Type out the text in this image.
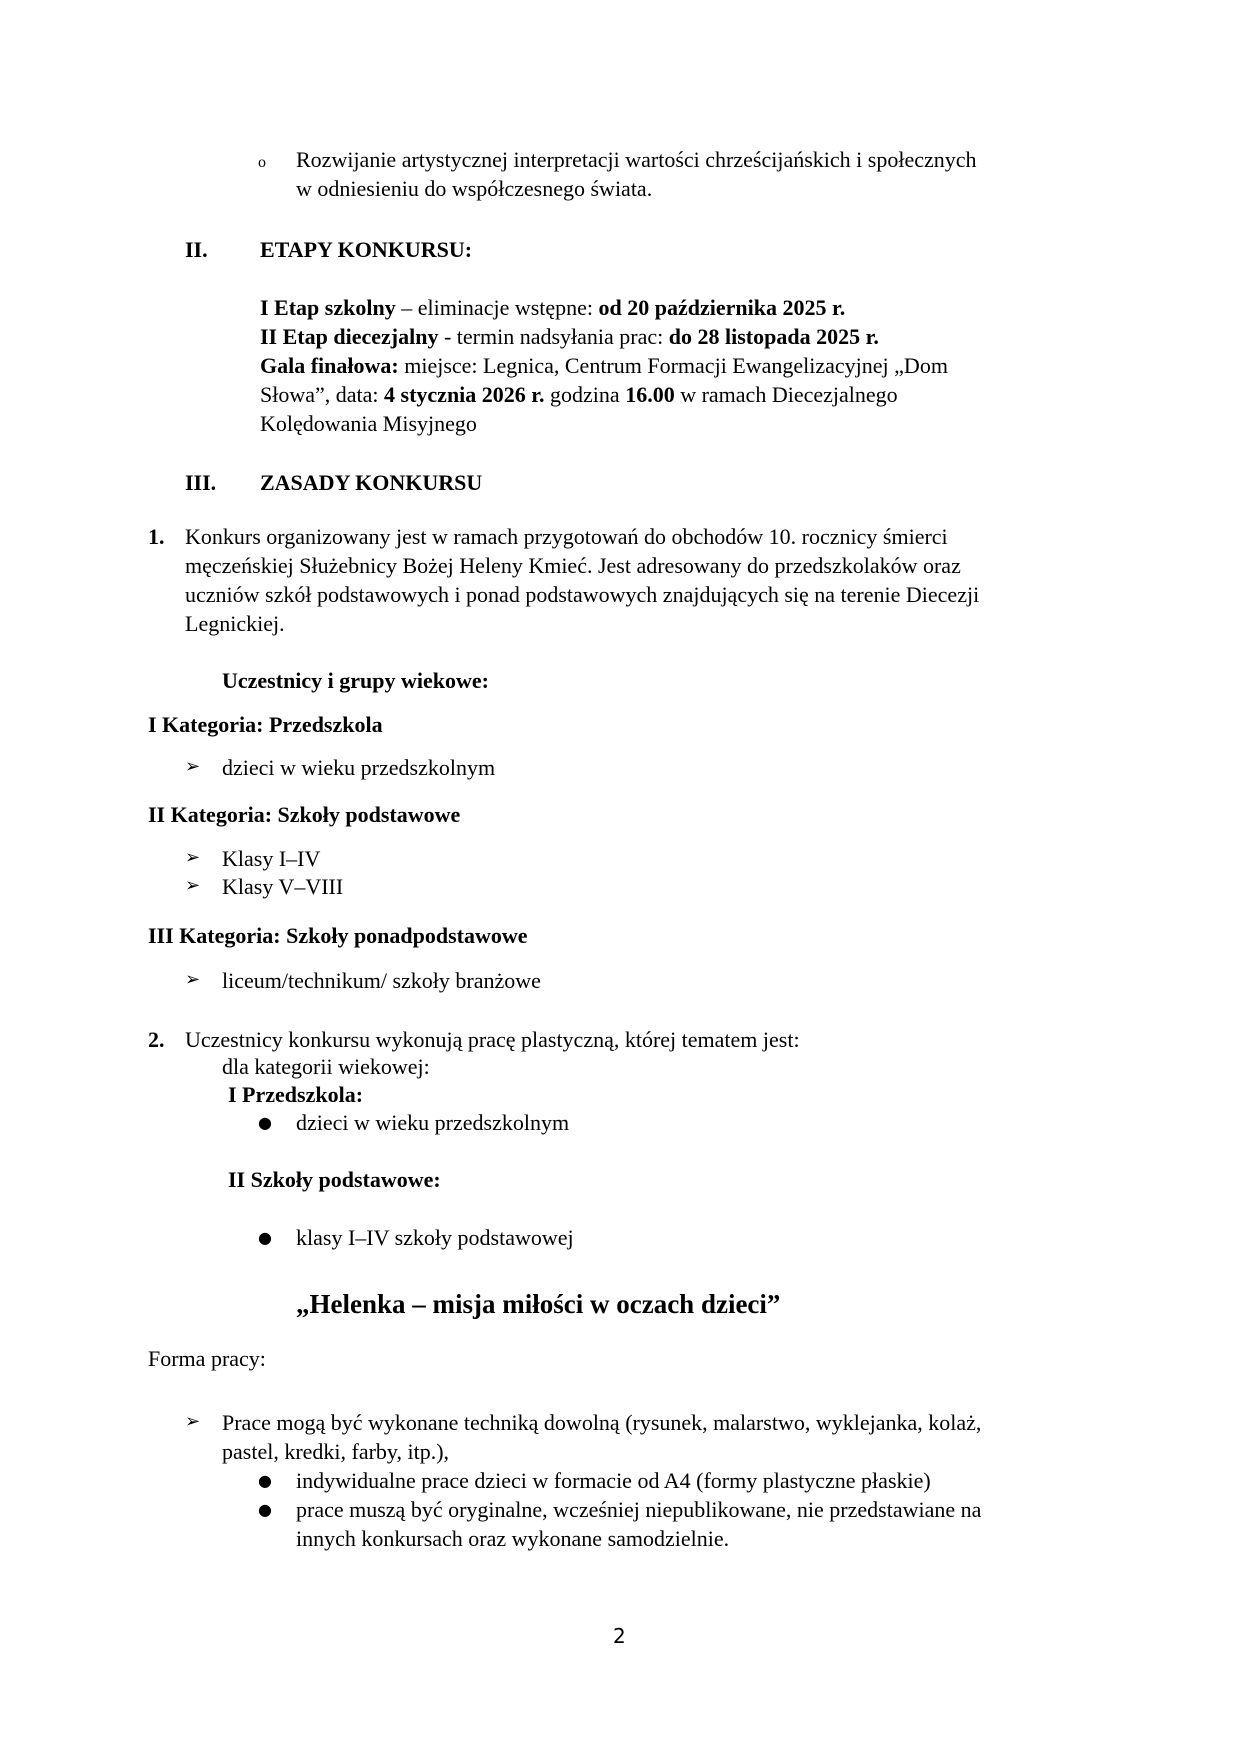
o Rozwijanie artystycznej interpretacji wartości chrześcijańskich i społecznych
w odniesieniu do współczesnego świata.
II. ETAPY KONKURSU:
I Etap szkolny – eliminacje wstępne: od 20 października 2025 r.
II Etap diecezjalny - termin nadsyłania prac: do 28 listopada 2025 r.
Gala finałowa: miejsce: Legnica, Centrum Formacji Ewangelizacyjnej „Dom
Słowa”, data: 4 stycznia 2026 r. godzina 16.00 w ramach Diecezjalnego
Kolędowania Misyjnego
III. ZASADY KONKURSU
1. Konkurs organizowany jest w ramach przygotowań do obchodów 10. rocznicy śmierci
męczeńskiej Służebnicy Bożej Heleny Kmieć. Jest adresowany do przedszkolaków oraz
uczniów szkół podstawowych i ponad podstawowych znajdujących się na terenie Diecezji
Legnickiej.
Uczestnicy i grupy wiekowe:
I Kategoria: Przedszkola
➢ dzieci w wieku przedszkolnym
II Kategoria: Szkoły podstawowe
➢ Klasy I–IV
➢ Klasy V–VIII
III Kategoria: Szkoły ponadpodstawowe
➢ liceum/technikum/ szkoły branżowe
2. Uczestnicy konkursu wykonują pracę plastyczną, której tematem jest:
dla kategorii wiekowej:
I Przedszkola:
● dzieci w wieku przedszkolnym
II Szkoły podstawowe:
● klasy I–IV szkoły podstawowej
„Helenka – misja miłości w oczach dzieci”
Forma pracy:
➢ Prace mogą być wykonane techniką dowolną (rysunek, malarstwo, wyklejanka, kolaż,
pastel, kredki, farby, itp.),
● indywidualne prace dzieci w formacie od A4 (formy plastyczne płaskie)
● prace muszą być oryginalne, wcześniej niepublikowane, nie przedstawiane na
innych konkursach oraz wykonane samodzielnie.
2
